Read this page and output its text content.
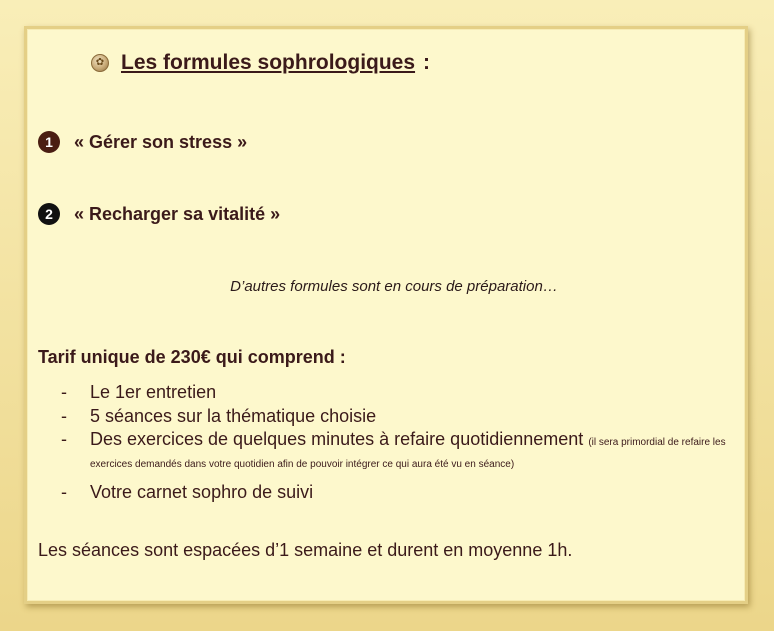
✿ Les formules sophrologiques :
1	« Gérer son stress »
2	« Recharger sa vitalité »
D’autres formules sont en cours de préparation…
Tarif unique de 230€ qui comprend :
- Le 1er entretien
- 5 séances sur la thématique choisie
- Des exercices de quelques minutes à refaire quotidiennement (il sera primordial de refaire les exercices demandés dans votre quotidien afin de pouvoir intégrer ce qui aura été vu en séance)
- Votre carnet sophro de suivi
Les séances sont espacées d’1 semaine et durent en moyenne 1h.
